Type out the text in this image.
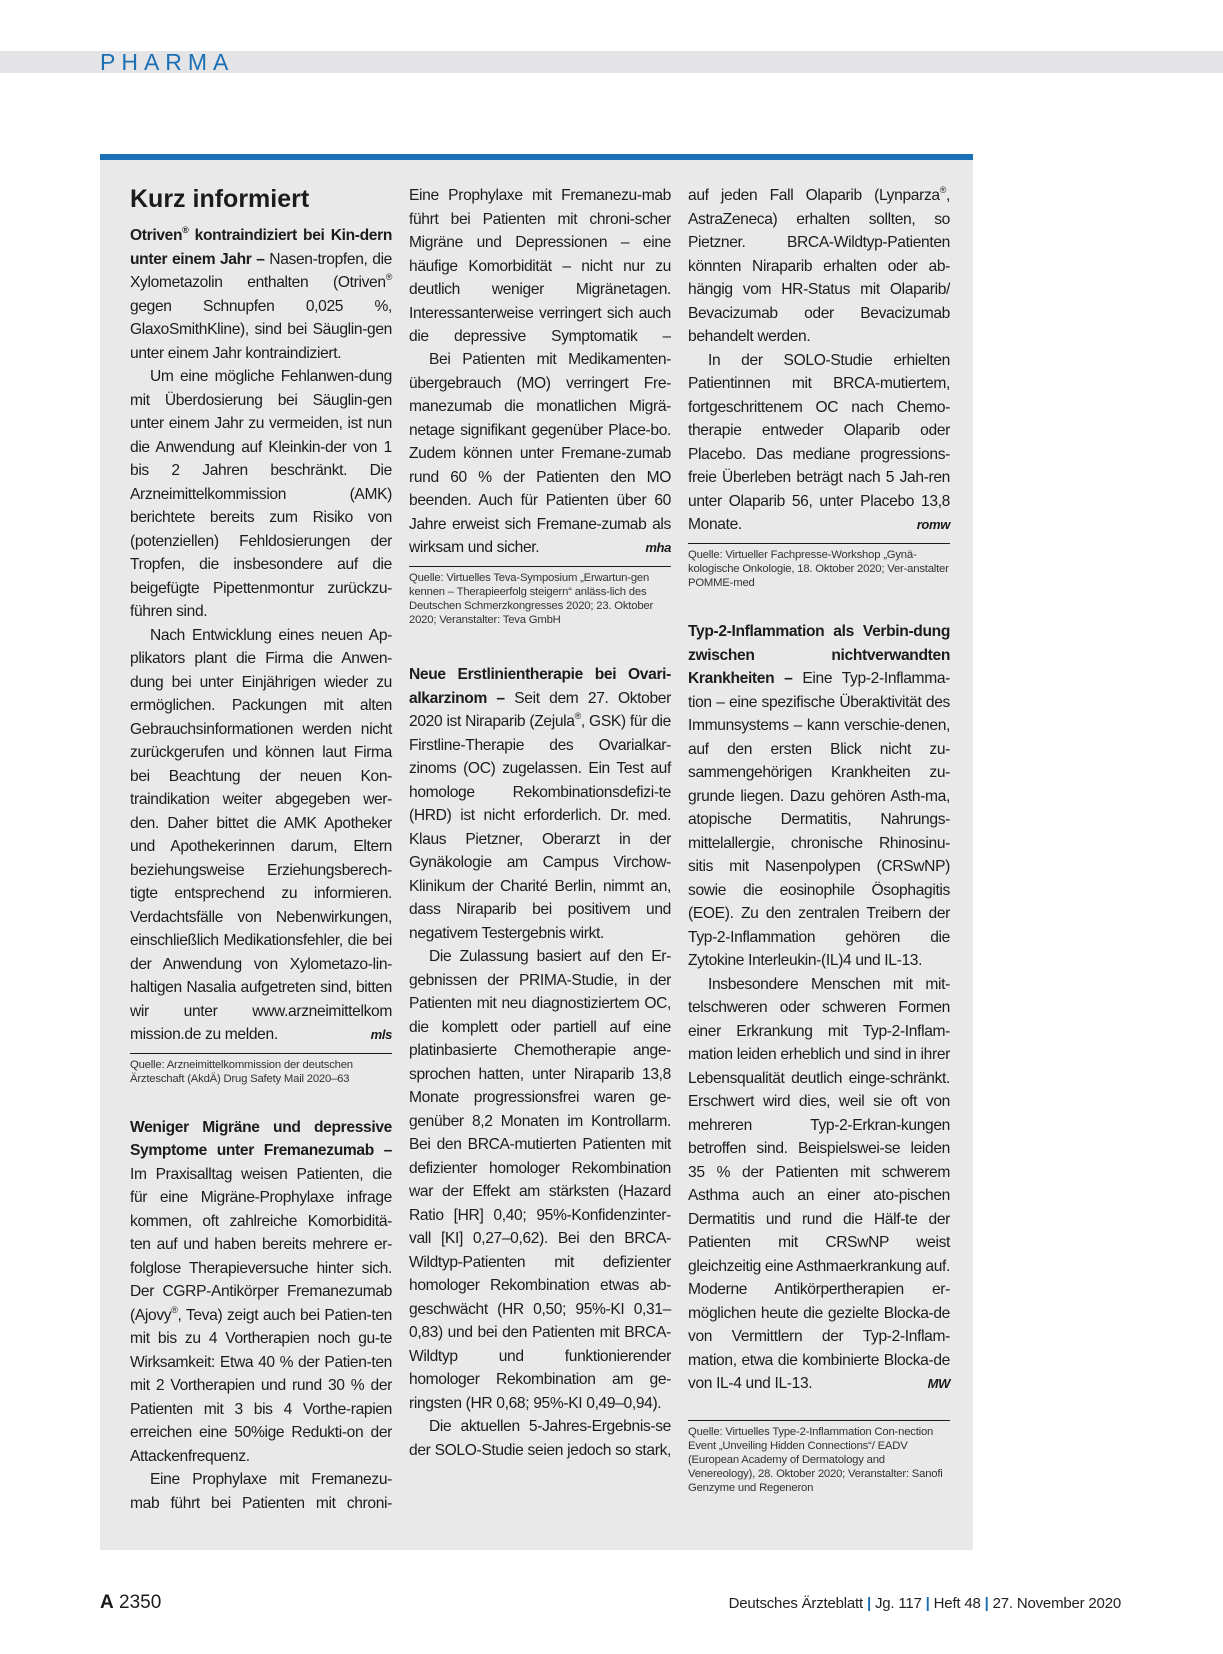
PHARMA
Kurz informiert

Otriven® kontraindiziert bei Kin-dern unter einem Jahr – Nasen-tropfen, die Xylometazolin enthalten (Otriven® gegen Schnupfen 0,025 %, GlaxoSmithKline), sind bei Säuglin-gen unter einem Jahr kontraindiziert.

Um eine mögliche Fehlanwen-dung mit Überdosierung bei Säuglin-gen unter einem Jahr zu vermeiden, ist nun die Anwendung auf Kleinkin-der von 1 bis 2 Jahren beschränkt. Die Arzneimittelkommission (AMK) berichtete bereits zum Risiko von (potenziellen) Fehldosierungen der Tropfen, die insbesondere auf die beigefügte Pipettenmontur zurückzu-führen sind.

Nach Entwicklung eines neuen Ap-plikators plant die Firma die Anwen-dung bei unter Einjährigen wieder zu ermöglichen. Packungen mit alten Gebrauchsinformationen werden nicht zurückgerufen und können laut Firma bei Beachtung der neuen Kon-traindikation weiter abgegeben wer-den. Daher bittet die AMK Apotheker und Apothekerinnen darum, Eltern beziehungsweise Erziehungsberech-tigte entsprechend zu informieren. Verdachtsfälle von Nebenwirkungen, einschließlich Medikationsfehler, die bei der Anwendung von Xylometazo-lin-haltigen Nasalia aufgetreten sind, bitten wir unter www.arzneimittelkom mission.de zu melden.	mls

Quelle: Arzneimittelkommission der deutschen Ärzteschaft (AkdÄ) Drug Safety Mail 2020–63

Weniger Migräne und depressive Symptome unter Fremanezumab – Im Praxisalltag weisen Patienten, die für eine Migräne-Prophylaxe infrage kommen, oft zahlreiche Komorbiditä-ten auf und haben bereits mehrere er-folglose Therapieversuche hinter sich. Der CGRP-Antikörper Fremanezumab (Ajovy®, Teva) zeigt auch bei Patien-ten mit bis zu 4 Vortherapien noch gu-te Wirksamkeit: Etwa 40 % der Patien-ten mit 2 Vortherapien und rund 30 % der Patienten mit 3 bis 4 Vorthe-rapien erreichen eine 50%ige Redukti-on der Attackenfrequenz.

Eine Prophylaxe mit Fremanezu-mab führt bei Patienten mit chroni-

Eine Prophylaxe mit Fremanezu-mab führt bei Patienten mit chroni-scher Migräne und Depressionen – eine häufige Komorbidität – nicht nur zu deutlich weniger Migränetagen. Interessanterweise verringert sich auch die depressive Symptomatik –

Bei Patienten mit Medikamenten-übergebrauch (MO) verringert Fre-manezumab die monatlichen Migrä-netage signifikant gegenüber Place-bo. Zudem können unter Fremane-zumab rund 60 % der Patienten den MO beenden. Auch für Patienten über 60 Jahre erweist sich Fremane-zumab als wirksam und sicher.	mha

Quelle: Virtuelles Teva-Symposium „Erwartun-gen kennen – Therapieerfolg steigern“ anläss-lich des Deutschen Schmerzkongresses 2020; 23. Oktober 2020; Veranstalter: Teva GmbH

Neue Erstlinientherapie bei Ovari-alkarzinom – Seit dem 27. Oktober 2020 ist Niraparib (Zejula®, GSK) für die Firstline-Therapie des Ovarialkar-zinoms (OC) zugelassen. Ein Test auf homologe Rekombinationsdefizi-te (HRD) ist nicht erforderlich. Dr. med. Klaus Pietzner, Oberarzt in der Gynäkologie am Campus Virchow-Klinikum der Charité Berlin, nimmt an, dass Niraparib bei positivem und negativem Testergebnis wirkt.

Die Zulassung basiert auf den Er-gebnissen der PRIMA-Studie, in der Patienten mit neu diagnostiziertem OC, die komplett oder partiell auf eine platinbasierte Chemotherapie ange-sprochen hatten, unter Niraparib 13,8 Monate progressionsfrei waren ge-genüber 8,2 Monaten im Kontrollarm. Bei den BRCA-mutierten Patienten mit defizienter homologer Rekombination war der Effekt am stärksten (Hazard Ratio [HR] 0,40; 95%-Konfidenzinter-vall [KI] 0,27–0,62). Bei den BRCA-Wildtyp-Patienten mit defizienter homologer Rekombination etwas ab-geschwächt (HR 0,50; 95%-KI 0,31–0,83) und bei den Patienten mit BRCA-Wildtyp und funktionierender homologer Rekombination am ge-ringsten (HR 0,68; 95%-KI 0,49–0,94).

Die aktuellen 5-Jahres-Ergebnis-se der SOLO-Studie seien jedoch so stark,

auf jeden Fall Olaparib (Lynparza®, AstraZeneca) erhalten sollten, so Pietzner. BRCA-Wildtyp-Patienten könnten Niraparib erhalten oder ab-hängig vom HR-Status mit Olaparib/ Bevacizumab oder Bevacizumab behandelt werden.

In der SOLO-Studie erhielten Patientinnen mit BRCA-mutiertem, fortgeschrittenem OC nach Chemo-therapie entweder Olaparib oder Placebo. Das mediane progressions-freie Überleben beträgt nach 5 Jah-ren unter Olaparib 56, unter Placebo 13,8 Monate.	romw

Quelle: Virtueller Fachpresse-Workshop „Gynä-kologische Onkologie, 18. Oktober 2020; Ver-anstalter POMME-med

Typ-2-Inflammation als Verbin-dung zwischen nichtverwandten Krankheiten – Eine Typ-2-Inflamma-tion – eine spezifische Überaktivität des Immunsystems – kann verschie-denen, auf den ersten Blick nicht zu-sammengehörigen Krankheiten zu-grunde liegen. Dazu gehören Asth-ma, atopische Dermatitis, Nahrungs-mittelallergie, chronische Rhinosinu-sitis mit Nasenpolypen (CRSwNP) sowie die eosinophile Ösophagitis (EOE). Zu den zentralen Treibern der Typ-2-Inflammation gehören die Zytokine Interleukin-(IL)4 und IL-13.

Insbesondere Menschen mit mit-telschweren oder schweren Formen einer Erkrankung mit Typ-2-Inflam-mation leiden erheblich und sind in ihrer Lebensqualität deutlich einge-schränkt. Erschwert wird dies, weil sie oft von mehreren Typ-2-Erkran-kungen betroffen sind. Beispielswei-se leiden 35 % der Patienten mit schwerem Asthma auch an einer ato-pischen Dermatitis und rund die Hälf-te der Patienten mit CRSwNP weist gleichzeitig eine Asthmaerkrankung auf. Moderne Antikörpertherapien er-möglichen heute die gezielte Blocka-de von Vermittlern der Typ-2-Inflam-mation, etwa die kombinierte Blocka-de von IL-4 und IL-13.	MW

Quelle: Virtuelles Type-2-Inflammation Con-nection Event „Unveiling Hidden Connections“/ EADV (European Academy of Dermatology and Venereology), 28. Oktober 2020; Veranstalter: Sanofi Genzyme und Regeneron
A 2350	Deutsches Ärzteblatt | Jg. 117 | Heft 48 | 27. November 2020
